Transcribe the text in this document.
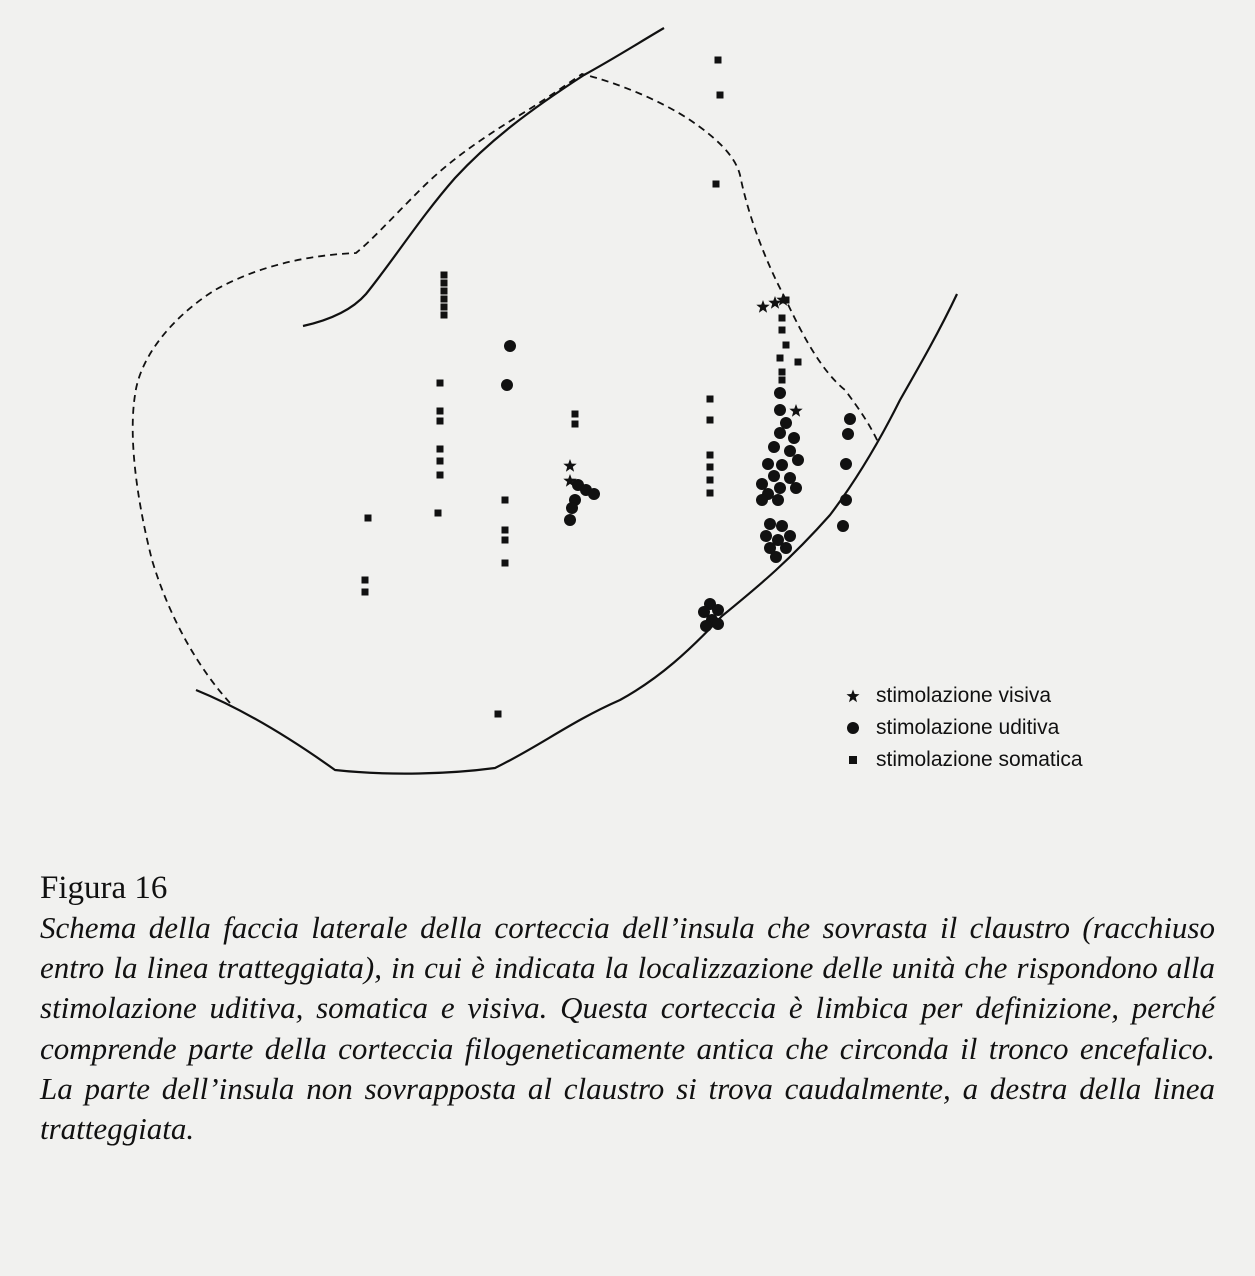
stimolazione visiva
stimolazione uditiva
stimolazione somatica

Figura 16

Schema della faccia laterale della corteccia dell’insula che sovrasta il claustro (racchiuso entro la linea tratteggiata), in cui è indicata la localizzazione delle unità che rispondono alla stimolazione uditiva, somatica e visiva. Questa corteccia è limbica per definizione, perché comprende parte della corteccia filogeneticamente antica che circonda il tronco encefalico. La parte dell’insula non sovrapposta al claustro si trova caudalmente, a destra della linea tratteggiata.
